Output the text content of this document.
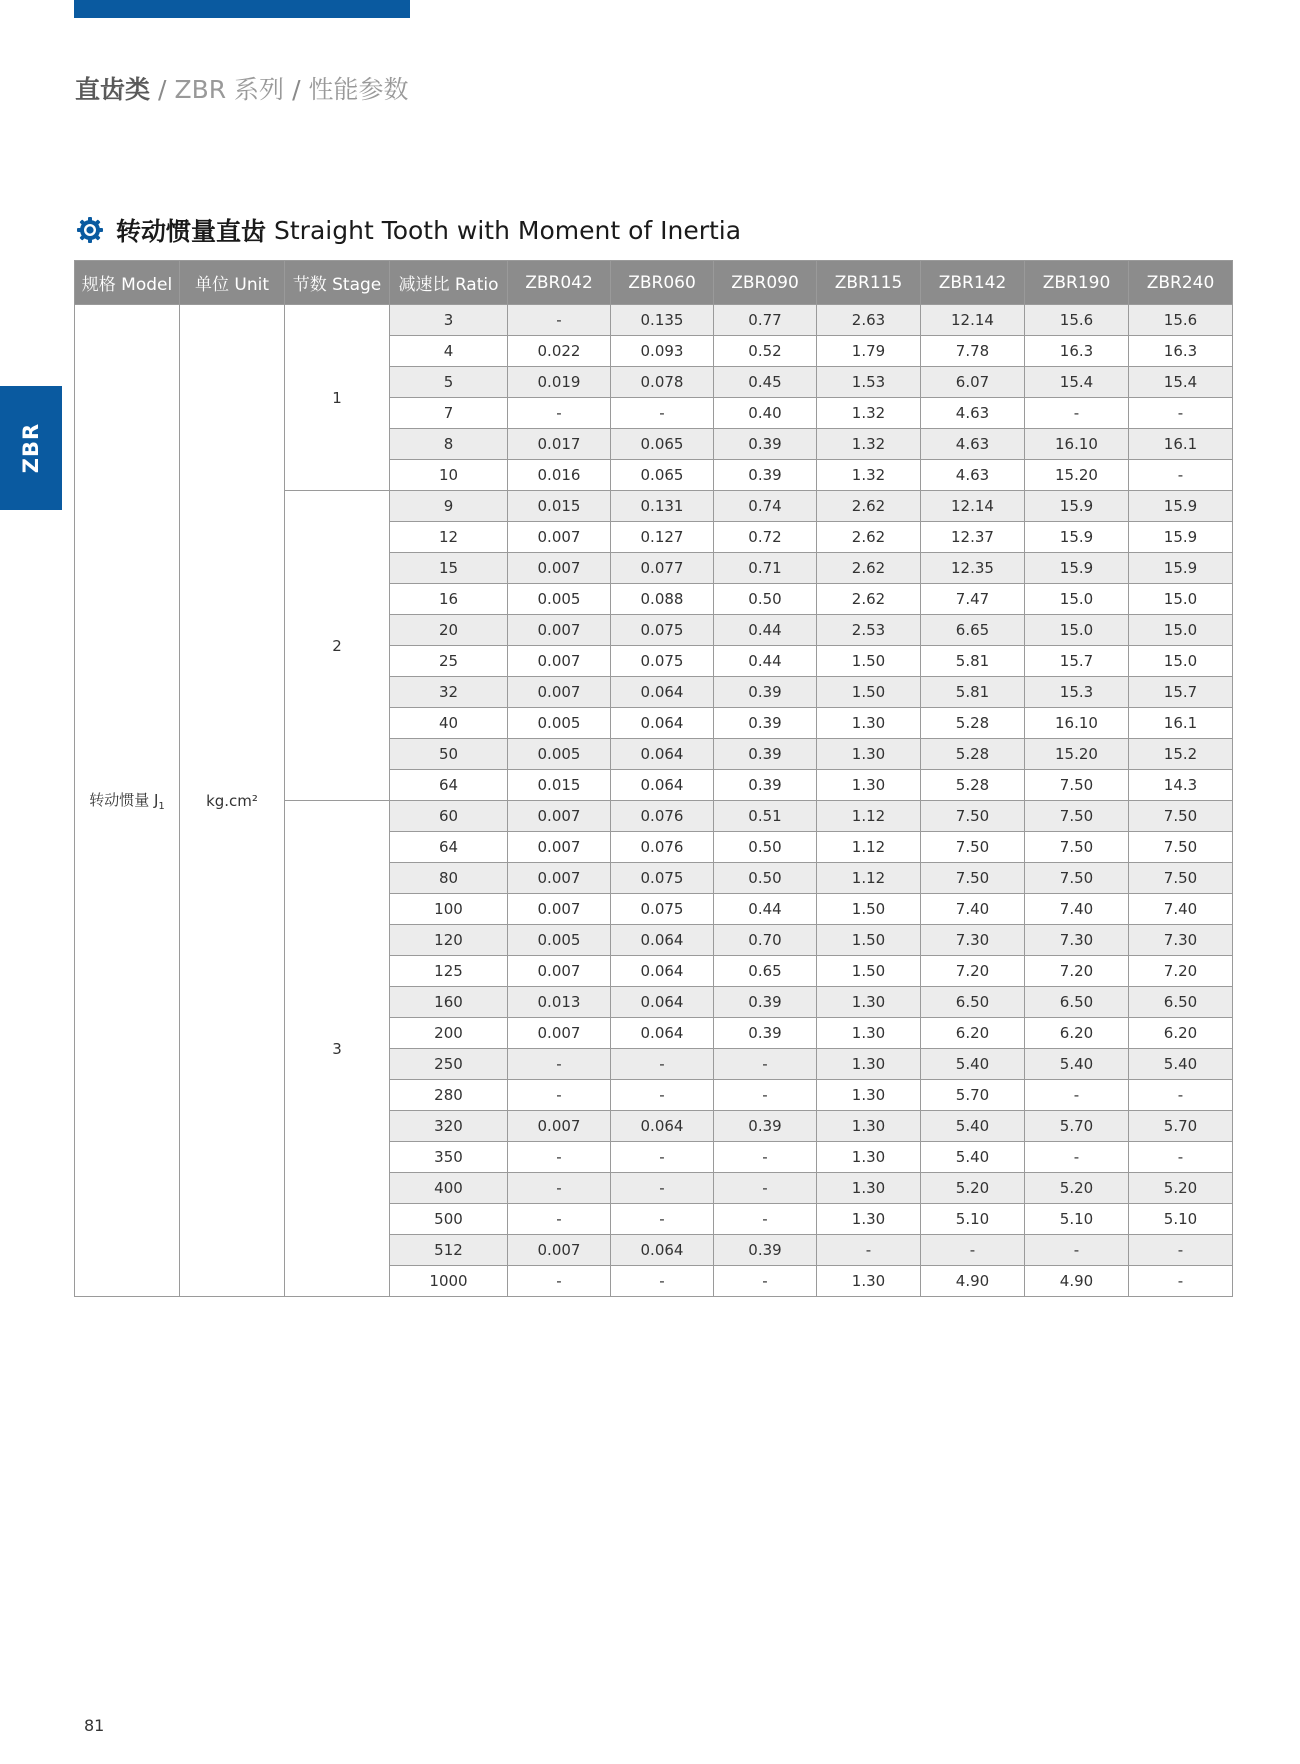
直齿类 / ZBR 系列 / 性能参数
ZBR
转动惯量直齿 Straight Tooth with Moment of Inertia
规格 Model	单位 Unit	节数 Stage	减速比 Ratio	ZBR042	ZBR060	ZBR090	ZBR115	ZBR142	ZBR190	ZBR240
转动惯量 $J_1$	kg.cm²	1	3	-	0.135	0.77	2.63	12.14	15.6	15.6
			4	0.022	0.093	0.52	1.79	7.78	16.3	16.3
			5	0.019	0.078	0.45	1.53	6.07	15.4	15.4
			7	-	-	0.40	1.32	4.63	-	-
			8	0.017	0.065	0.39	1.32	4.63	16.10	16.1
			10	0.016	0.065	0.39	1.32	4.63	15.20	-
		2	9	0.015	0.131	0.74	2.62	12.14	15.9	15.9
			12	0.007	0.127	0.72	2.62	12.37	15.9	15.9
			15	0.007	0.077	0.71	2.62	12.35	15.9	15.9
			16	0.005	0.088	0.50	2.62	7.47	15.0	15.0
			20	0.007	0.075	0.44	2.53	6.65	15.0	15.0
			25	0.007	0.075	0.44	1.50	5.81	15.7	15.0
			32	0.007	0.064	0.39	1.50	5.81	15.3	15.7
			40	0.005	0.064	0.39	1.30	5.28	16.10	16.1
			50	0.005	0.064	0.39	1.30	5.28	15.20	15.2
			64	0.015	0.064	0.39	1.30	5.28	7.50	14.3
		3	60	0.007	0.076	0.51	1.12	7.50	7.50	7.50
			64	0.007	0.076	0.50	1.12	7.50	7.50	7.50
			80	0.007	0.075	0.50	1.12	7.50	7.50	7.50
			100	0.007	0.075	0.44	1.50	7.40	7.40	7.40
			120	0.005	0.064	0.70	1.50	7.30	7.30	7.30
			125	0.007	0.064	0.65	1.50	7.20	7.20	7.20
			160	0.013	0.064	0.39	1.30	6.50	6.50	6.50
			200	0.007	0.064	0.39	1.30	6.20	6.20	6.20
			250	-	-	-	1.30	5.40	5.40	5.40
			280	-	-	-	1.30	5.70	-	-
			320	0.007	0.064	0.39	1.30	5.40	5.70	5.70
			350	-	-	-	1.30	5.40	-	-
			400	-	-	-	1.30	5.20	5.20	5.20
			500	-	-	-	1.30	5.10	5.10	5.10
			512	0.007	0.064	0.39	-	-	-	-
			1000	-	-	-	1.30	4.90	4.90	-
81
